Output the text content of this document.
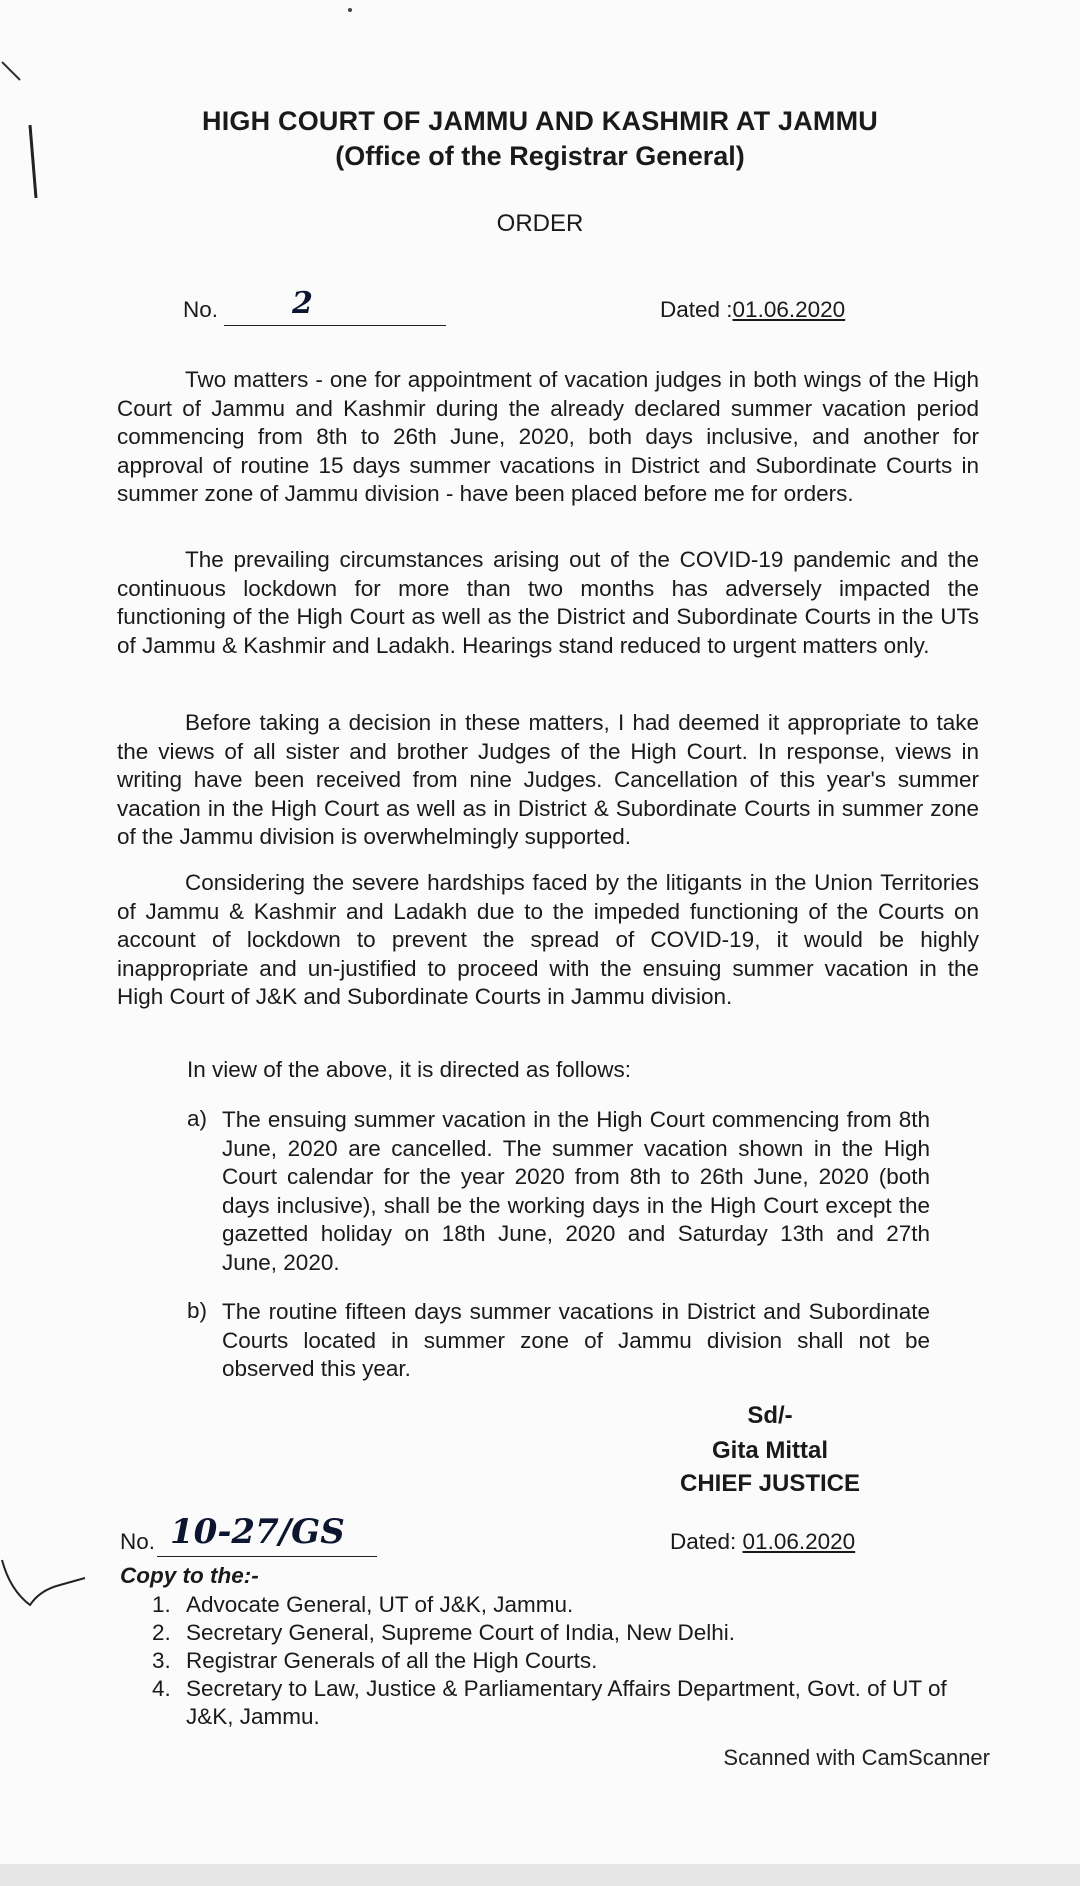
HIGH COURT OF JAMMU AND KASHMIR AT JAMMU
(Office of the Registrar General)
ORDER
No. 2	Dated :01.06.2020
Two matters - one for appointment of vacation judges in both wings of the High Court of Jammu and Kashmir during the already declared summer vacation period commencing from 8th to 26th June, 2020, both days inclusive, and another for approval of routine 15 days summer vacations in District and Subordinate Courts in summer zone of Jammu division - have been placed before me for orders.
The prevailing circumstances arising out of the COVID-19 pandemic and the continuous lockdown for more than two months has adversely impacted the functioning of the High Court as well as the District and Subordinate Courts in the UTs of Jammu & Kashmir and Ladakh. Hearings stand reduced to urgent matters only.
Before taking a decision in these matters, I had deemed it appropriate to take the views of all sister and brother Judges of the High Court. In response, views in writing have been received from nine Judges. Cancellation of this year's summer vacation in the High Court as well as in District & Subordinate Courts in summer zone of the Jammu division is overwhelmingly supported.
Considering the severe hardships faced by the litigants in the Union Territories of Jammu & Kashmir and Ladakh due to the impeded functioning of the Courts on account of lockdown to prevent the spread of COVID-19, it would be highly inappropriate and un-justified to proceed with the ensuing summer vacation in the High Court of J&K and Subordinate Courts in Jammu division.
In view of the above, it is directed as follows:
a) The ensuing summer vacation in the High Court commencing from 8th June, 2020 are cancelled. The summer vacation shown in the High Court calendar for the year 2020 from 8th to 26th June, 2020 (both days inclusive), shall be the working days in the High Court except the gazetted holiday on 18th June, 2020 and Saturday 13th and 27th June, 2020.
b) The routine fifteen days summer vacations in District and Subordinate Courts located in summer zone of Jammu division shall not be observed this year.
Sd/-
Gita Mittal
CHIEF JUSTICE
No. 10-27/GS	Dated: 01.06.2020
Copy to the:-
1. Advocate General, UT of J&K, Jammu.
2. Secretary General, Supreme Court of India, New Delhi.
3. Registrar Generals of all the High Courts.
4. Secretary to Law, Justice & Parliamentary Affairs Department, Govt. of UT of J&K, Jammu.
Scanned with CamScanner
